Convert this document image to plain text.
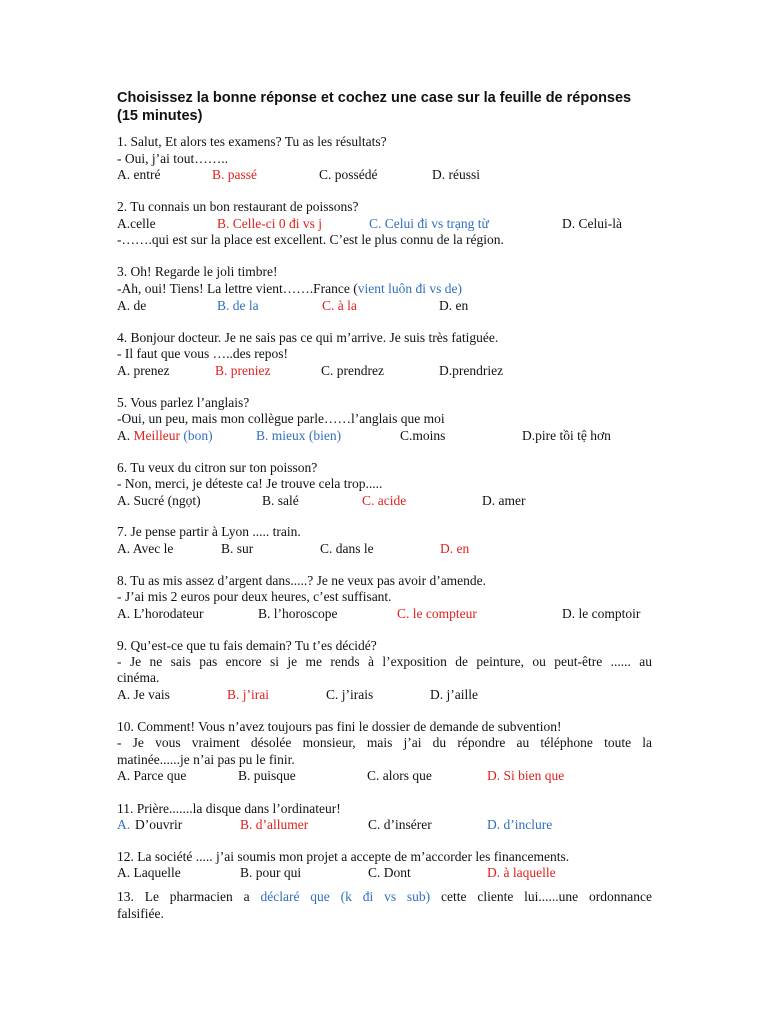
Choisissez la bonne réponse et cochez une case sur la feuille de réponses
(15 minutes)
1. Salut, Et alors tes examens? Tu as les résultats?
- Oui, j’ai tout……..
A. entré	B. passé	C. possédé	D. réussi
2. Tu connais un bon restaurant de poissons?
A.celle	B. Celle-ci 0 đi vs j	C. Celui đi vs trạng từ	D. Celui-là
-…….qui est sur la place est excellent. C’est le plus connu de la région.
3. Oh! Regarde le joli timbre!
-Ah, oui! Tiens! La lettre vient…….France (vient luôn đi vs de)
A. de	B. de la	C. à la	D. en
4. Bonjour docteur. Je ne sais pas ce qui m’arrive. Je suis très fatiguée.
- Il faut que vous …..des repos!
A. prenez	B. preniez	C. prendrez	D.prendriez
5. Vous parlez l’anglais?
-Oui, un peu, mais mon collègue parle……l’anglais que moi
A. Meilleur (bon)	B. mieux (bien)	C.moins	D.pire tồi tệ hơn
6. Tu veux du citron sur ton poisson?
- Non, merci, je déteste ca! Je trouve cela trop.....
A. Sucré (ngọt)	B. salé	C. acide	D. amer
7. Je pense partir à Lyon ..... train.
A. Avec le	B. sur	C. dans le	D. en
8. Tu as mis assez d’argent dans.....? Je ne veux pas avoir d’amende.
- J’ai mis 2 euros pour deux heures, c’est suffisant.
A. L’horodateur	B. l’horoscope	C. le compteur	D. le comptoir
9. Qu’est-ce que tu fais demain? Tu t’es décidé?
- Je ne sais pas encore si je me rends à l’exposition de peinture, ou peut-être ...... au
cinéma.
A. Je vais	B. j’irai	C. j’irais	D. j’aille
10. Comment! Vous n’avez toujours pas fini le dossier de demande de subvention!
- Je vous vraiment désolée monsieur, mais j’ai du répondre au téléphone toute la
matinée......je n’ai pas pu le finir.
A. Parce que	B. puisque	C. alors que	D. Si bien que
11. Prière.......la disque dans l’ordinateur!
A. D’ouvrir	B. d’allumer	C. d’insérer	D. d’inclure
12. La société ..... j’ai soumis mon projet a accepte de m’accorder les financements.
A. Laquelle	B. pour qui	C. Dont	D. à laquelle
13. Le pharmacien a déclaré que (k đi vs sub) cette cliente lui......une ordonnance
falsifiée.
